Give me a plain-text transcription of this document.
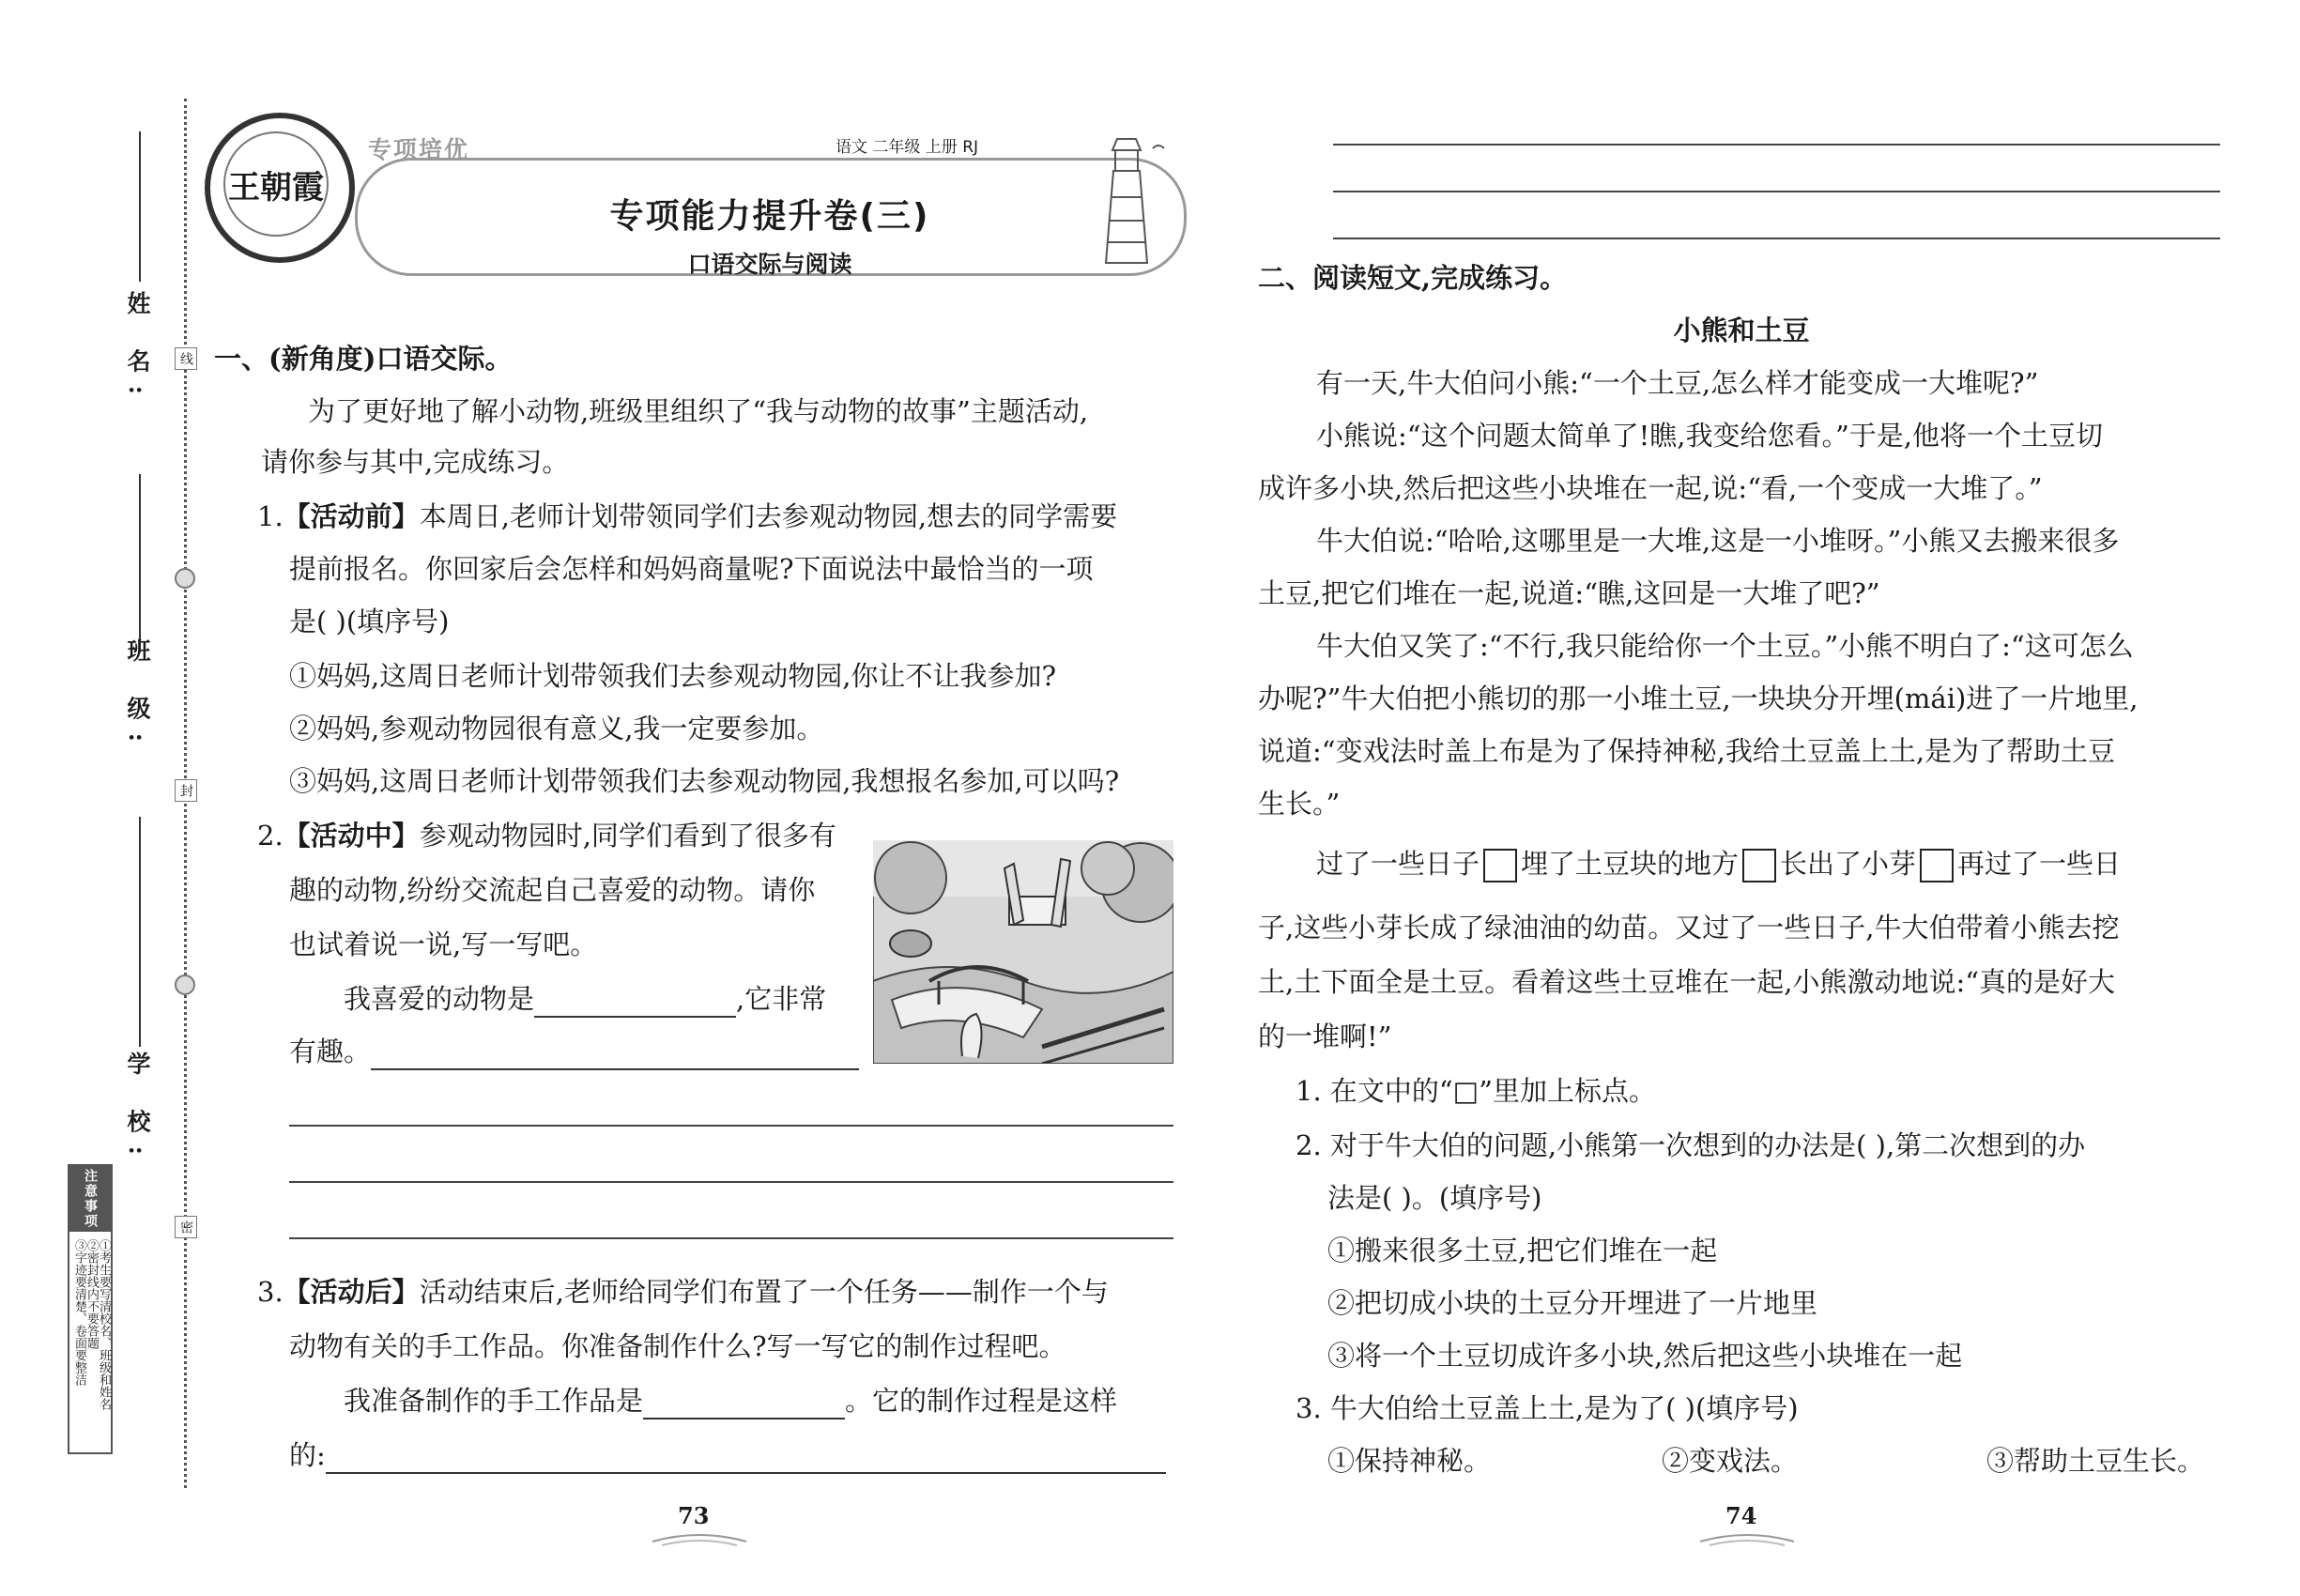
姓 名:
班 级:
学 校:
线
封
密
注意事项
①考生要写清校名、班级和姓名
②密封线内不要答题
③字迹要清楚、卷面要整洁
王朝霞
专项培优	语文 二年级 上册 RJ
专项能力提升卷(三)
口语交际与阅读
一、(新角度)口语交际。
为了更好地了解小动物,班级里组织了“我与动物的故事”主题活动,
请你参与其中,完成练习。
1.【活动前】本周日,老师计划带领同学们去参观动物园,想去的同学需要
提前报名。你回家后会怎样和妈妈商量呢?下面说法中最恰当的一项
是( )(填序号)
①妈妈,这周日老师计划带领我们去参观动物园,你让不让我参加?
②妈妈,参观动物园很有意义,我一定要参加。
③妈妈,这周日老师计划带领我们去参观动物园,我想报名参加,可以吗?
2.【活动中】参观动物园时,同学们看到了很多有
趣的动物,纷纷交流起自己喜爱的动物。请你
也试着说一说,写一写吧。
我喜爱的动物是	,它非常
有趣。
3.【活动后】活动结束后,老师给同学们布置了一个任务——制作一个与
动物有关的手工作品。你准备制作什么?写一写它的制作过程吧。
我准备制作的手工作品是	。它的制作过程是这样
的:
73
二、阅读短文,完成练习。
小熊和土豆
有一天,牛大伯问小熊:“一个土豆,怎么样才能变成一大堆呢?”
小熊说:“这个问题太简单了!瞧,我变给您看。”于是,他将一个土豆切
成许多小块,然后把这些小块堆在一起,说:“看,一个变成一大堆了。”
牛大伯说:“哈哈,这哪里是一大堆,这是一小堆呀。”小熊又去搬来很多
土豆,把它们堆在一起,说道:“瞧,这回是一大堆了吧?”
牛大伯又笑了:“不行,我只能给你一个土豆。”小熊不明白了:“这可怎么
办呢?”牛大伯把小熊切的那一小堆土豆,一块块分开埋(mái)进了一片地里,
说道:“变戏法时盖上布是为了保持神秘,我给土豆盖上土,是为了帮助土豆
生长。”
过了一些日子 埋了土豆块的地方 长出了小芽 再过了一些日
子,这些小芽长成了绿油油的幼苗。又过了一些日子,牛大伯带着小熊去挖
土,土下面全是土豆。看着这些土豆堆在一起,小熊激动地说:“真的是好大
的一堆啊!”
1. 在文中的“□”里加上标点。
2. 对于牛大伯的问题,小熊第一次想到的办法是( ),第二次想到的办
法是( )。(填序号)
①搬来很多土豆,把它们堆在一起
②把切成小块的土豆分开埋进了一片地里
③将一个土豆切成许多小块,然后把这些小块堆在一起
3. 牛大伯给土豆盖上土,是为了( )(填序号)
①保持神秘。	②变戏法。	③帮助土豆生长。
74
